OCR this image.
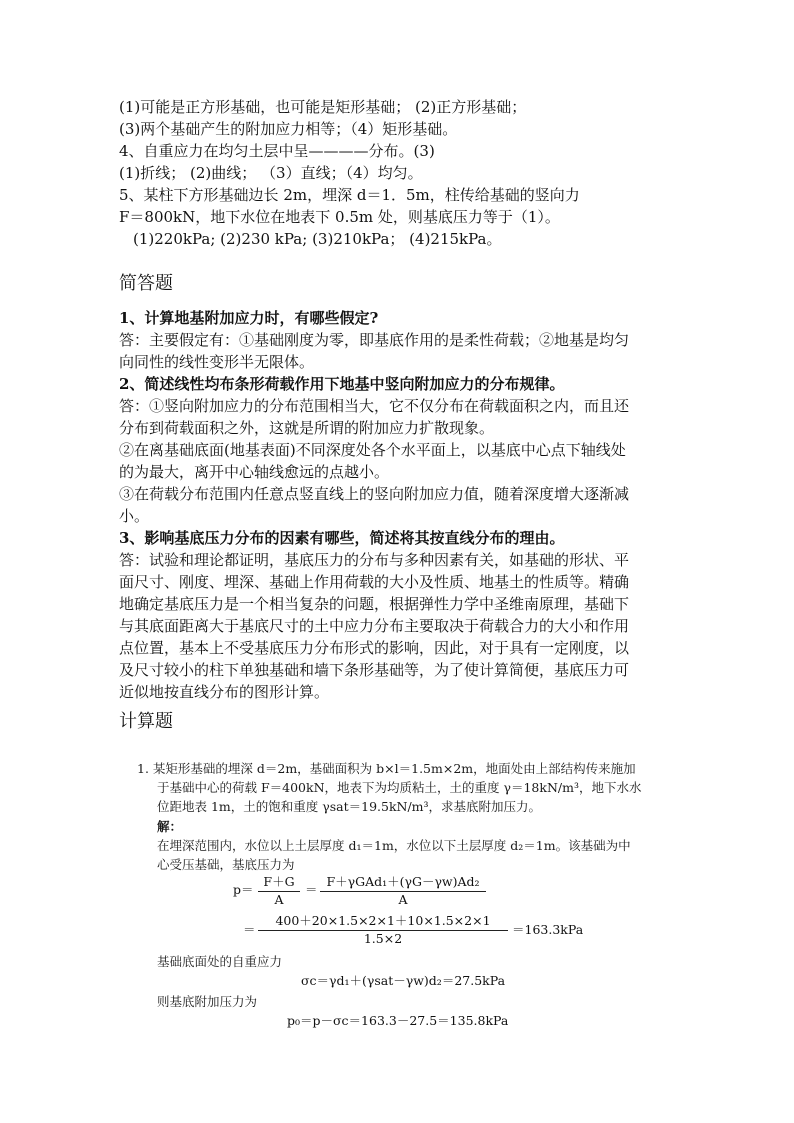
(1)可能是正方形基础，也可能是矩形基础； (2)正方形基础；
(3)两个基础产生的附加应力相等；（4）矩形基础。
4、自重应力在均匀土层中呈————分布。(3)
(1)折线； (2)曲线； （3）直线；（4）均匀。
5、某柱下方形基础边长 2m，埋深 d＝1．5m，柱传给基础的竖向力
F＝800kN，地下水位在地表下 0.5m 处，则基底压力等于（1）。
(1)220kPa; (2)230 kPa; (3)210kPa； (4)215kPa。
简答题
1、计算地基附加应力时，有哪些假定?
答：主要假定有：①基础刚度为零，即基底作用的是柔性荷载；②地基是均匀
向同性的线性变形半无限体。
2、简述线性均布条形荷载作用下地基中竖向附加应力的分布规律。
答：①竖向附加应力的分布范围相当大，它不仅分布在荷载面积之内，而且还
分布到荷载面积之外，这就是所谓的附加应力扩散现象。
②在离基础底面(地基表面)不同深度处各个水平面上，以基底中心点下轴线处
的为最大，离开中心轴线愈远的点越小。
③在荷载分布范围内任意点竖直线上的竖向附加应力值，随着深度增大逐渐减
小。
3、影响基底压力分布的因素有哪些，简述将其按直线分布的理由。
答：试验和理论都证明，基底压力的分布与多种因素有关，如基础的形状、平
面尺寸、刚度、埋深、基础上作用荷载的大小及性质、地基土的性质等。精确
地确定基底压力是一个相当复杂的问题，根据弹性力学中圣维南原理，基础下
与其底面距离大于基底尺寸的土中应力分布主要取决于荷载合力的大小和作用
点位置，基本上不受基底压力分布形式的影响，因此，对于具有一定刚度，以
及尺寸较小的柱下单独基础和墙下条形基础等，为了使计算简便，基底压力可
近似地按直线分布的图形计算。
计算题
1. 某矩形基础的埋深 d＝2m，基础面积为 b×l＝1.5m×2m，地面处由上部结构传来施加
于基础中心的荷载 F＝400kN，地表下为均质粘土，土的重度 γ＝18kN/m³，地下水水
位距地表 1m，土的饱和重度 γsat＝19.5kN/m³，求基底附加压力。
解：
在埋深范围内，水位以上土层厚度 d₁＝1m，水位以下土层厚度 d₂＝1m。该基础为中
心受压基础，基底压力为
p＝
F＋G
A
＝
F＋γGAd₁＋(γG－γw)Ad₂
A
＝
400＋20×1.5×2×1＋10×1.5×2×1
1.5×2
＝163.3kPa
基础底面处的自重应力
σc＝γd₁＋(γsat－γw)d₂＝27.5kPa
则基底附加压力为
p₀＝p－σc＝163.3－27.5＝135.8kPa
